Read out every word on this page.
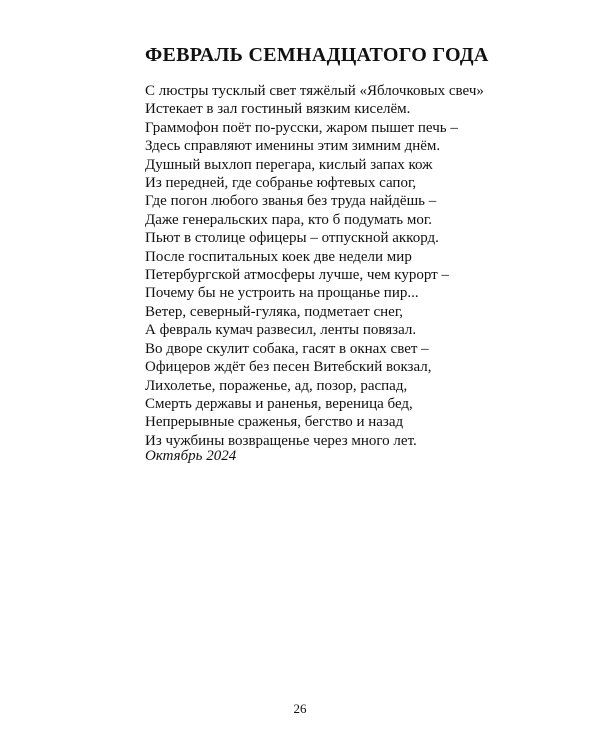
ФЕВРАЛЬ СЕМНАДЦАТОГО ГОДА
С люстры тусклый свет тяжёлый «Яблочковых свеч»
Истекает в зал гостиный вязким киселём.
Граммофон поёт по-русски, жаром пышет печь –
Здесь справляют именины этим зимним днём.
Душный выхлоп перегара, кислый запах кож
Из передней, где собранье юфтевых сапог,
Где погон любого званья без труда найдёшь –
Даже генеральских пара, кто б подумать мог.
Пьют в столице офицеры – отпускной аккорд.
После госпитальных коек две недели мир
Петербургской атмосферы лучше, чем курорт –
Почему бы не устроить на прощанье пир...
Ветер, северный-гуляка, подметает снег,
А февраль кумач развесил, ленты повязал.
Во дворе скулит собака, гасят в окнах свет –
Офицеров ждёт без песен Витебский вокзал,
Лихолетье, пораженье, ад, позор, распад,
Смерть державы и раненья, вереница бед,
Непрерывные сраженья, бегство и назад
Из чужбины возвращенье через много лет.
Октябрь 2024
26
